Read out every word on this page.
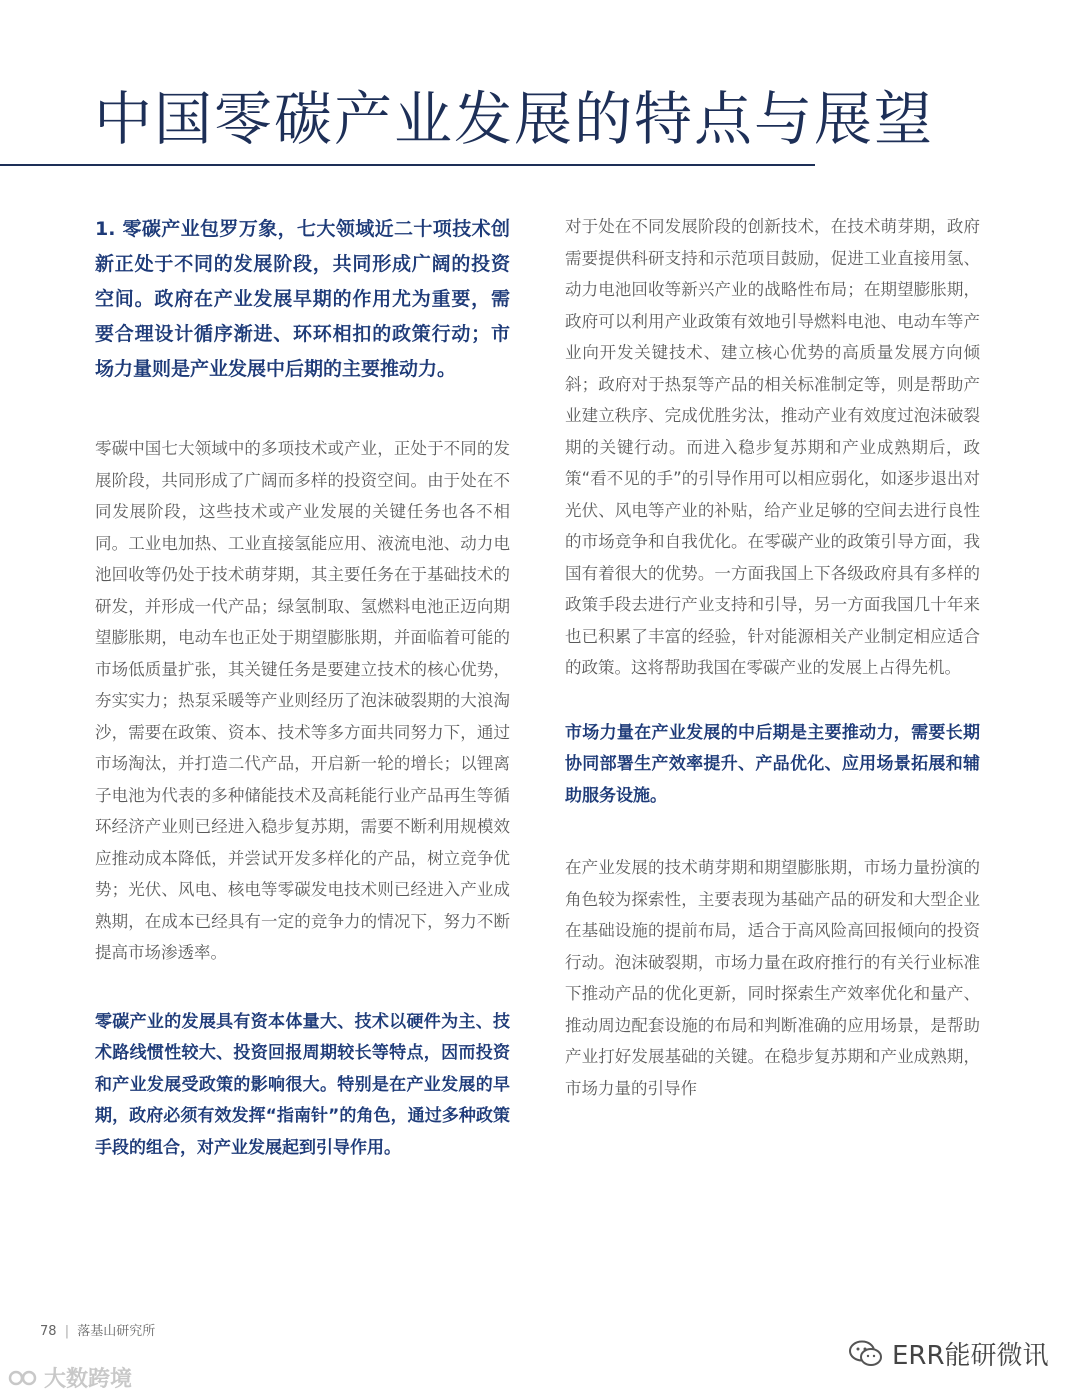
中国零碳产业发展的特点与展望

1. 零碳产业包罗万象，七大领域近二十项技术创新正处于不同的发展阶段，共同形成广阔的投资空间。政府在产业发展早期的作用尤为重要，需要合理设计循序渐进、环环相扣的政策行动；市场力量则是产业发展中后期的主要推动力。

零碳中国七大领域中的多项技术或产业，正处于不同的发展阶段，共同形成了广阔而多样的投资空间。由于处在不同发展阶段，这些技术或产业发展的关键任务也各不相同。工业电加热、工业直接氢能应用、液流电池、动力电池回收等仍处于技术萌芽期，其主要任务在于基础技术的研发，并形成一代产品；绿氢制取、氢燃料电池正迈向期望膨胀期，电动车也正处于期望膨胀期，并面临着可能的市场低质量扩张，其关键任务是要建立技术的核心优势，夯实实力；热泵采暖等产业则经历了泡沫破裂期的大浪淘沙，需要在政策、资本、技术等多方面共同努力下，通过市场淘汰，并打造二代产品，开启新一轮的增长；以锂离子电池为代表的多种储能技术及高耗能行业产品再生等循环经济产业则已经进入稳步复苏期，需要不断利用规模效应推动成本降低，并尝试开发多样化的产品，树立竞争优势；光伏、风电、核电等零碳发电技术则已经进入产业成熟期，在成本已经具有一定的竞争力的情况下，努力不断提高市场渗透率。

零碳产业的发展具有资本体量大、技术以硬件为主、技术路线惯性较大、投资回报周期较长等特点，因而投资和产业发展受政策的影响很大。特别是在产业发展的早期，政府必须有效发挥“指南针”的角色，通过多种政策手段的组合，对产业发展起到引导作用。

对于处在不同发展阶段的创新技术，在技术萌芽期，政府需要提供科研支持和示范项目鼓励，促进工业直接用氢、动力电池回收等新兴产业的战略性布局；在期望膨胀期，政府可以利用产业政策有效地引导燃料电池、电动车等产业向开发关键技术、建立核心优势的高质量发展方向倾斜；政府对于热泵等产品的相关标准制定等，则是帮助产业建立秩序、完成优胜劣汰，推动产业有效度过泡沫破裂期的关键行动。而进入稳步复苏期和产业成熟期后，政策“看不见的手”的引导作用可以相应弱化，如逐步退出对光伏、风电等产业的补贴，给产业足够的空间去进行良性的市场竞争和自我优化。在零碳产业的政策引导方面，我国有着很大的优势。一方面我国上下各级政府具有多样的政策手段去进行产业支持和引导，另一方面我国几十年来也已积累了丰富的经验，针对能源相关产业制定相应适合的政策。这将帮助我国在零碳产业的发展上占得先机。

市场力量在产业发展的中后期是主要推动力，需要长期协同部署生产效率提升、产品优化、应用场景拓展和辅助服务设施。

在产业发展的技术萌芽期和期望膨胀期，市场力量扮演的角色较为探索性，主要表现为基础产品的研发和大型企业在基础设施的提前布局，适合于高风险高回报倾向的投资行动。泡沫破裂期，市场力量在政府推行的有关行业标准下推动产品的优化更新，同时探索生产效率优化和量产、推动周边配套设施的布局和判断准确的应用场景，是帮助产业打好发展基础的关键。在稳步复苏期和产业成熟期，市场力量的引导作

78 | 落基山研究所
大数跨境
ERR能研微讯
